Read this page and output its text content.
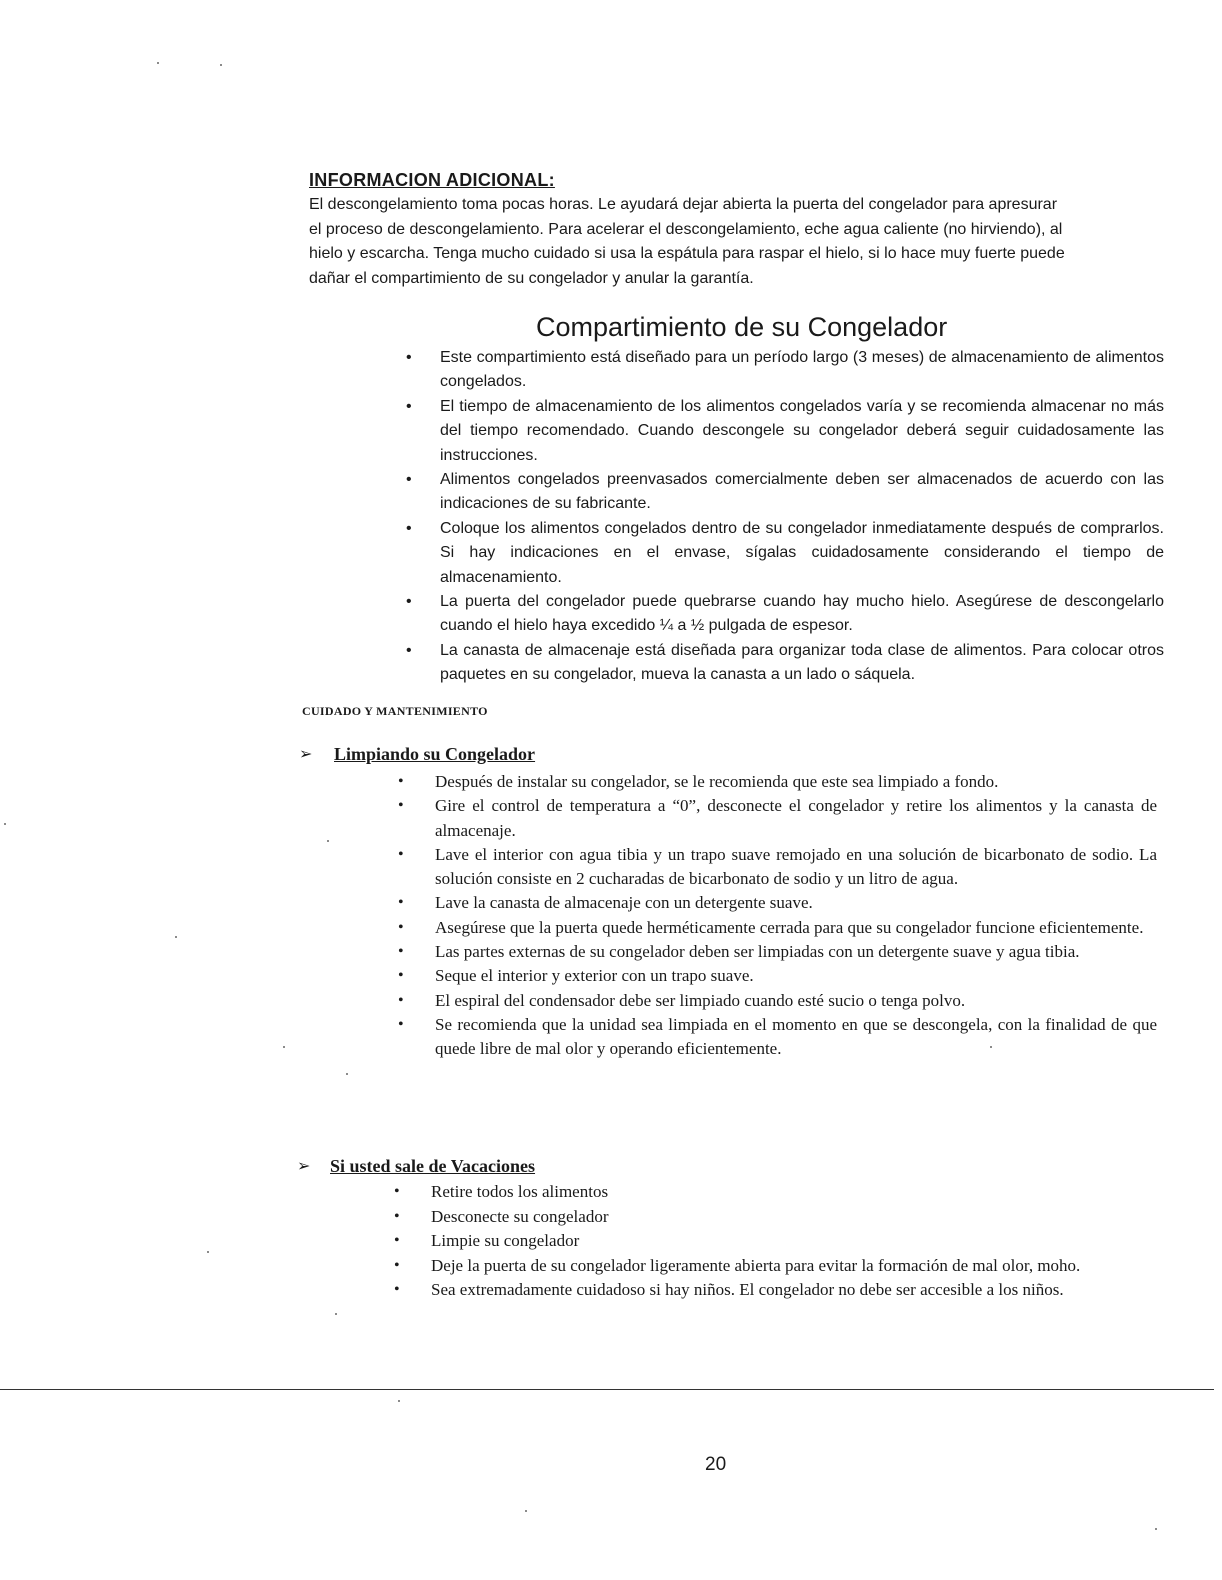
INFORMACION ADICIONAL:
El descongelamiento toma pocas horas. Le ayudará dejar abierta la puerta del congelador para apresurar
el proceso de descongelamiento. Para acelerar el descongelamiento, eche agua caliente (no hirviendo), al
hielo y escarcha. Tenga mucho cuidado si usa la espátula para raspar el hielo, si lo hace muy fuerte puede
dañar el compartimiento de su congelador y anular la garantía.
Compartimiento de su Congelador
• Este compartimiento está diseñado para un período largo (3 meses) de almacenamiento de alimentos congelados.
• El tiempo de almacenamiento de los alimentos congelados varía y se recomienda almacenar no más del tiempo recomendado. Cuando descongele su congelador deberá seguir cuidadosamente las instrucciones.
• Alimentos congelados preenvasados comercialmente deben ser almacenados de acuerdo con las indicaciones de su fabricante.
• Coloque los alimentos congelados dentro de su congelador inmediatamente después de comprarlos. Si hay indicaciones en el envase, sígalas cuidadosamente considerando el tiempo de almacenamiento.
• La puerta del congelador puede quebrarse cuando hay mucho hielo. Asegúrese de descongelarlo cuando el hielo haya excedido ¼ a ½ pulgada de espesor.
• La canasta de almacenaje está diseñada para organizar toda clase de alimentos. Para colocar otros paquetes en su congelador, mueva la canasta a un lado o sáquela.
CUIDADO Y MANTENIMIENTO
➢ Limpiando su Congelador
• Después de instalar su congelador, se le recomienda que este sea limpiado a fondo.
• Gire el control de temperatura a “0”, desconecte el congelador y retire los alimentos y la canasta de almacenaje.
• Lave el interior con agua tibia y un trapo suave remojado en una solución de bicarbonato de sodio. La solución consiste en 2 cucharadas de bicarbonato de sodio y un litro de agua.
• Lave la canasta de almacenaje con un detergente suave.
• Asegúrese que la puerta quede herméticamente cerrada para que su congelador funcione eficientemente.
• Las partes externas de su congelador deben ser limpiadas con un detergente suave y agua tibia.
• Seque el interior y exterior con un trapo suave.
• El espiral del condensador debe ser limpiado cuando esté sucio o tenga polvo.
• Se recomienda que la unidad sea limpiada en el momento en que se descongela, con la finalidad de que quede libre de mal olor y operando eficientemente.
➢ Si usted sale de Vacaciones
• Retire todos los alimentos
• Desconecte su congelador
• Limpie su congelador
• Deje la puerta de su congelador ligeramente abierta para evitar la formación de mal olor, moho.
• Sea extremadamente cuidadoso si hay niños. El congelador no debe ser accesible a los niños.
20
